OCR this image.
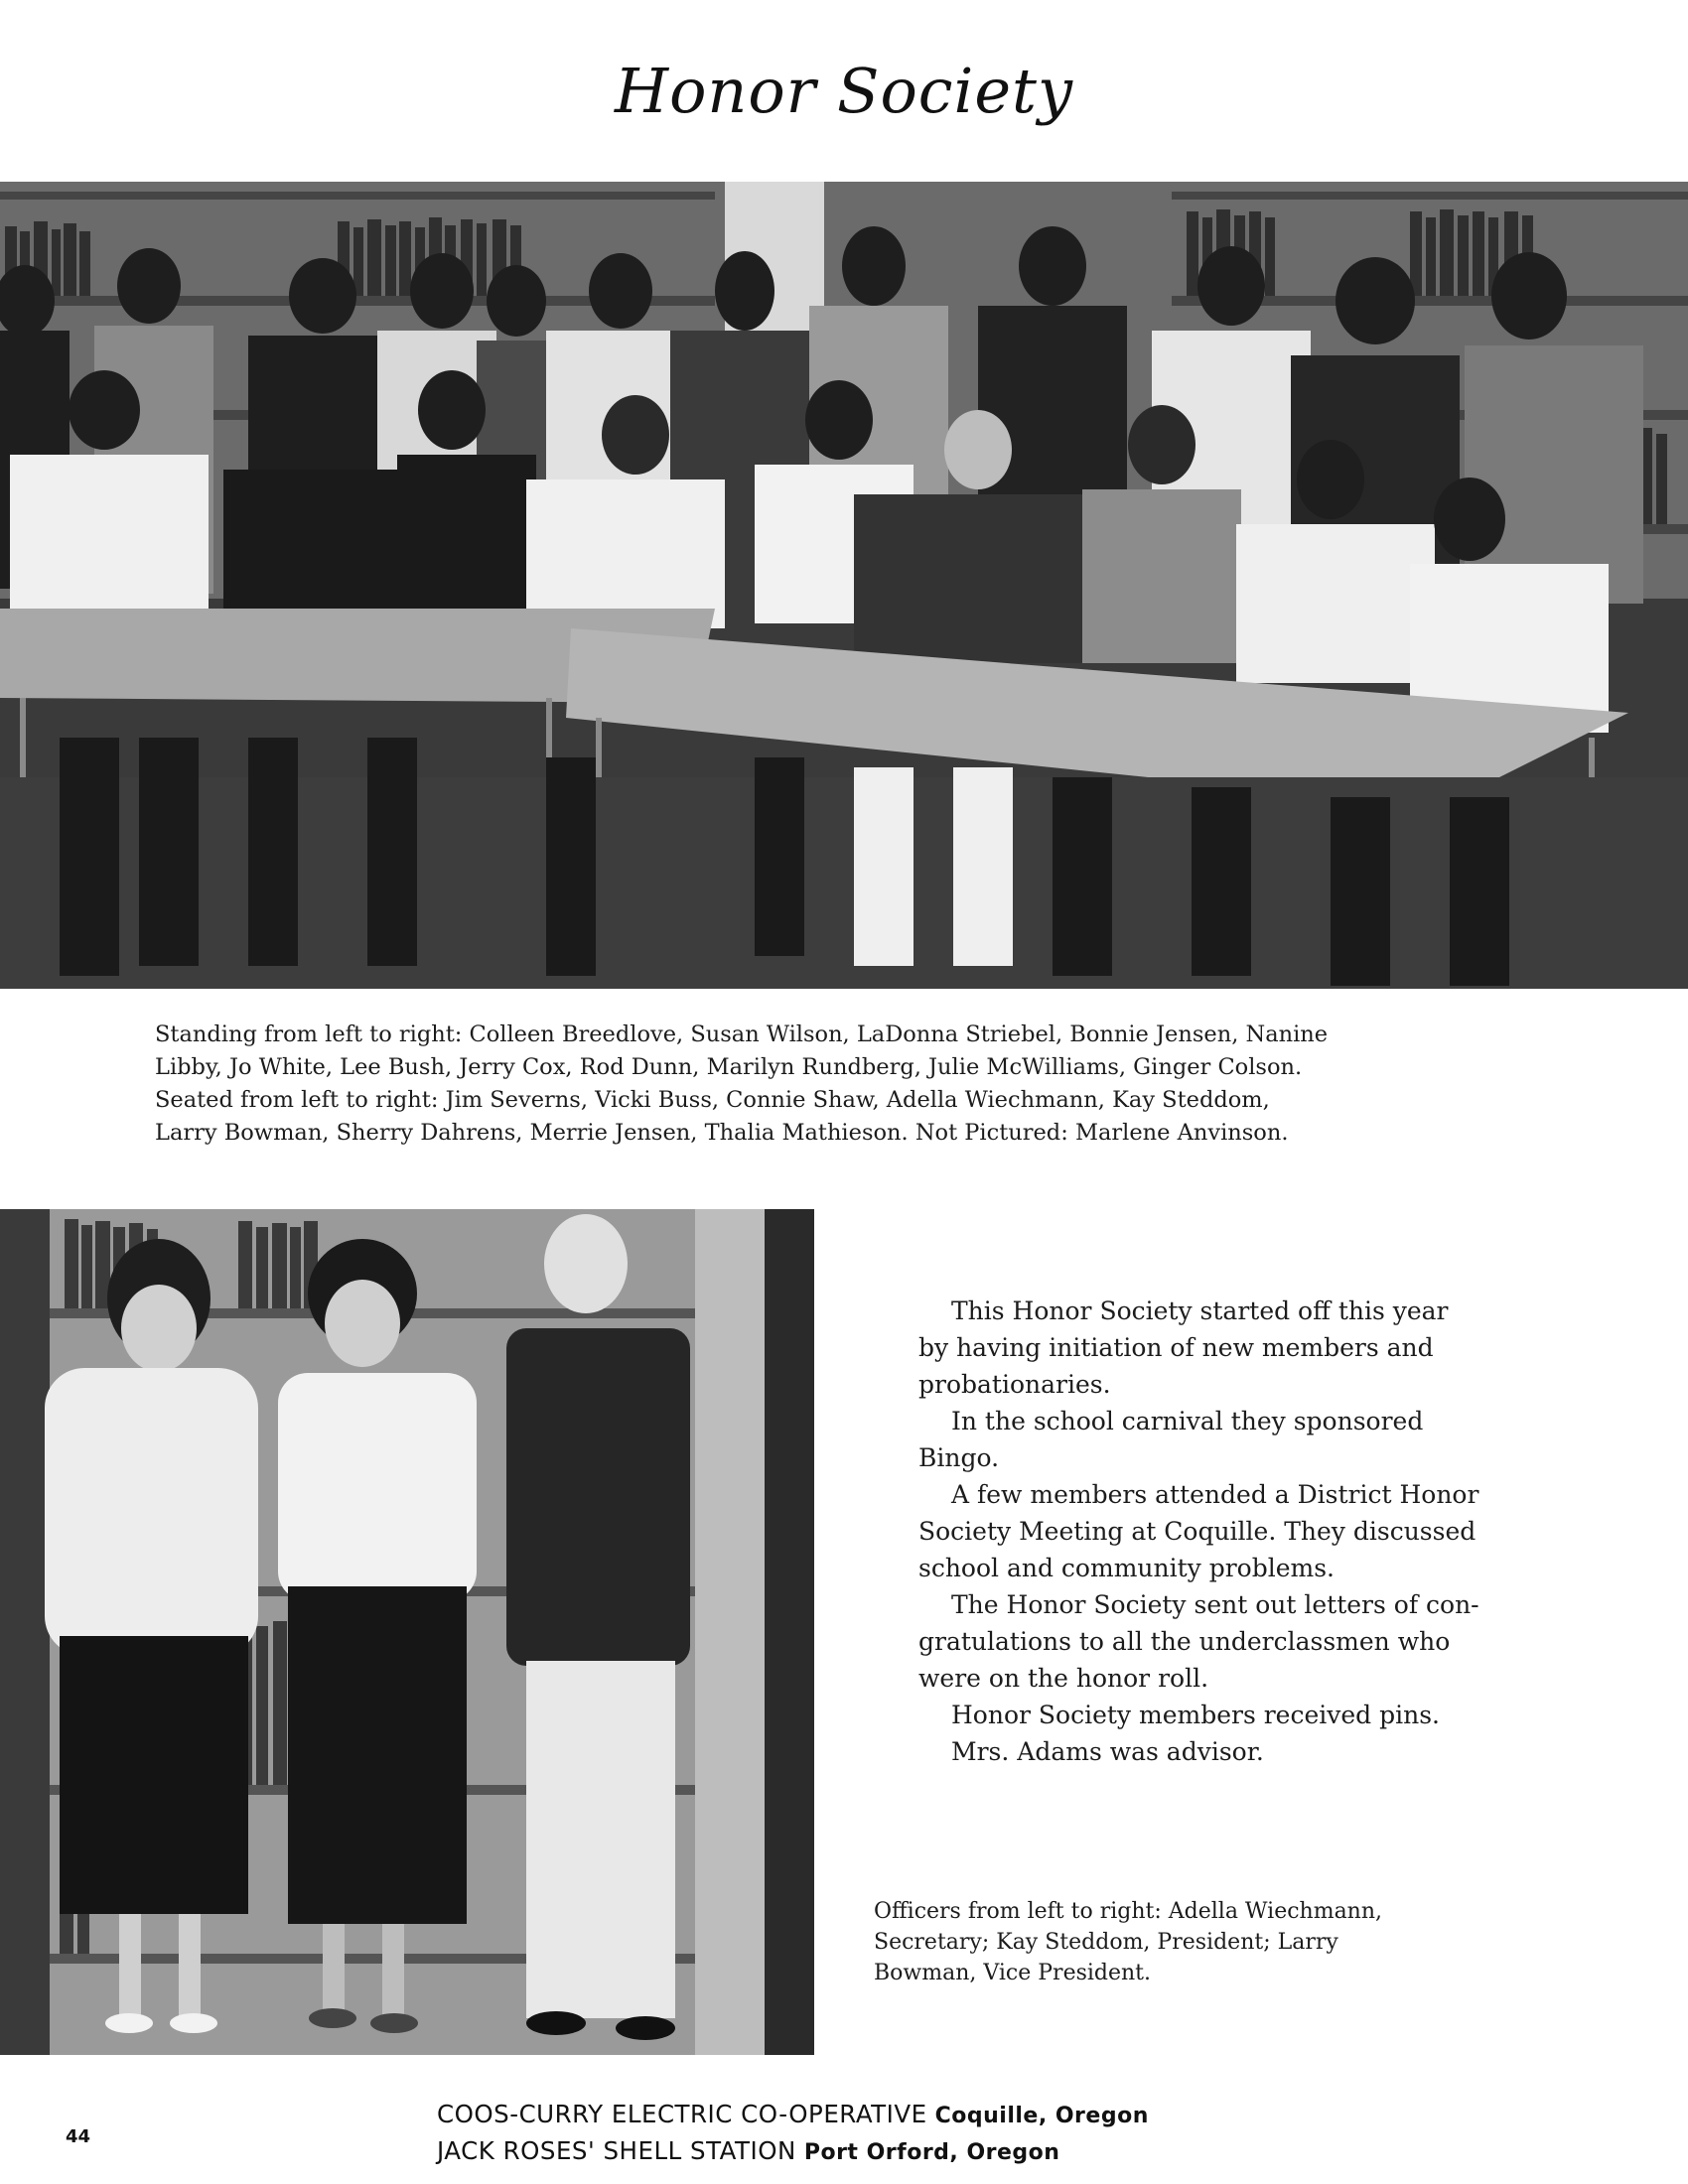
Honor Society

Standing from left to right: Colleen Breedlove, Susan Wilson, LaDonna Striebel, Bonnie Jensen, Nanine

Libby, Jo White, Lee Bush, Jerry Cox, Rod Dunn, Marilyn Rundberg, Julie McWilliams, Ginger Colson.

Seated from left to right: Jim Severns, Vicki Buss, Connie Shaw, Adella Wiechmann, Kay Steddom,

Larry Bowman, Sherry Dahrens, Merrie Jensen, Thalia Mathieson. Not Pictured: Marlene Anvinson.

This Honor Society started off this year

by having initiation of new members and

probationaries.

In the school carnival they sponsored

Bingo.

A few members attended a District Honor

Society Meeting at Coquille. They discussed

school and community problems.

The Honor Society sent out letters of con-

gratulations to all the underclassmen who

were on the honor roll.

Honor Society members received pins.

Mrs. Adams was advisor.

Officers from left to right: Adella Wiechmann,

Secretary; Kay Steddom, President; Larry

Bowman, Vice President.

44
COOS-CURRY ELECTRIC CO-OPERATIVE Coquille, Oregon
JACK ROSES' SHELL STATION Port Orford, Oregon
